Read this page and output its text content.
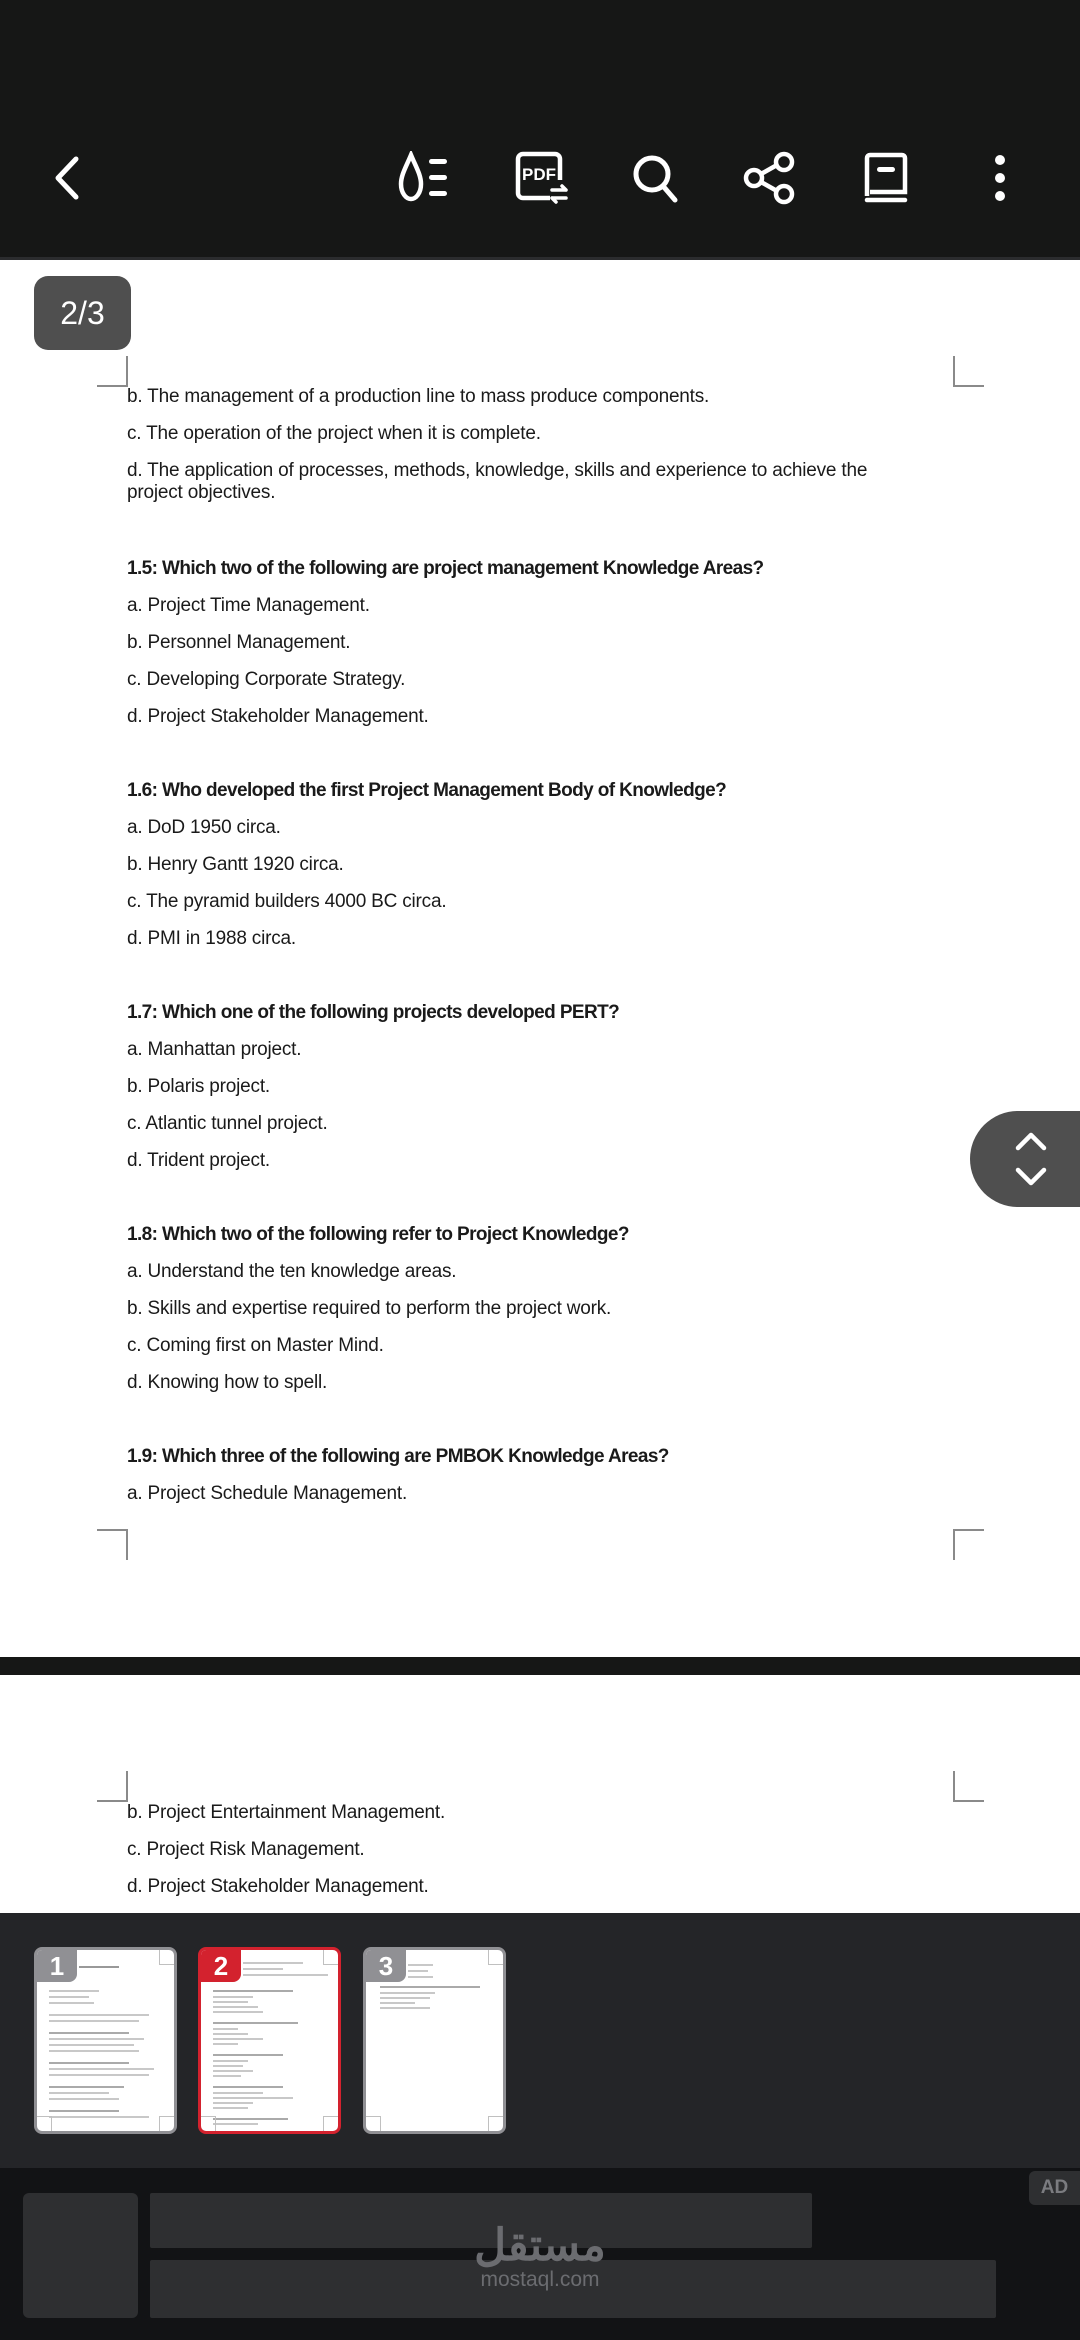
PDF
2/3
b. The management of a production line to mass produce components.
c. The operation of the project when it is complete.
d. The application of processes, methods, knowledge, skills and experience to achieve the project objectives.
1.5: Which two of the following are project management Knowledge Areas?
a. Project Time Management.
b. Personnel Management.
c. Developing Corporate Strategy.
d. Project Stakeholder Management.
1.6: Who developed the first Project Management Body of Knowledge?
a. DoD 1950 circa.
b. Henry Gantt 1920 circa.
c. The pyramid builders 4000 BC circa.
d. PMI in 1988 circa.
1.7: Which one of the following projects developed PERT?
a. Manhattan project.
b. Polaris project.
c. Atlantic tunnel project.
d. Trident project.
1.8: Which two of the following refer to Project Knowledge?
a. Understand the ten knowledge areas.
b. Skills and expertise required to perform the project work.
c. Coming first on Master Mind.
d. Knowing how to spell.
1.9: Which three of the following are PMBOK Knowledge Areas?
a. Project Schedule Management.
b. Project Entertainment Management.
c. Project Risk Management.
d. Project Stakeholder Management.
1	2	3
AD
مستقل
mostaql.com
